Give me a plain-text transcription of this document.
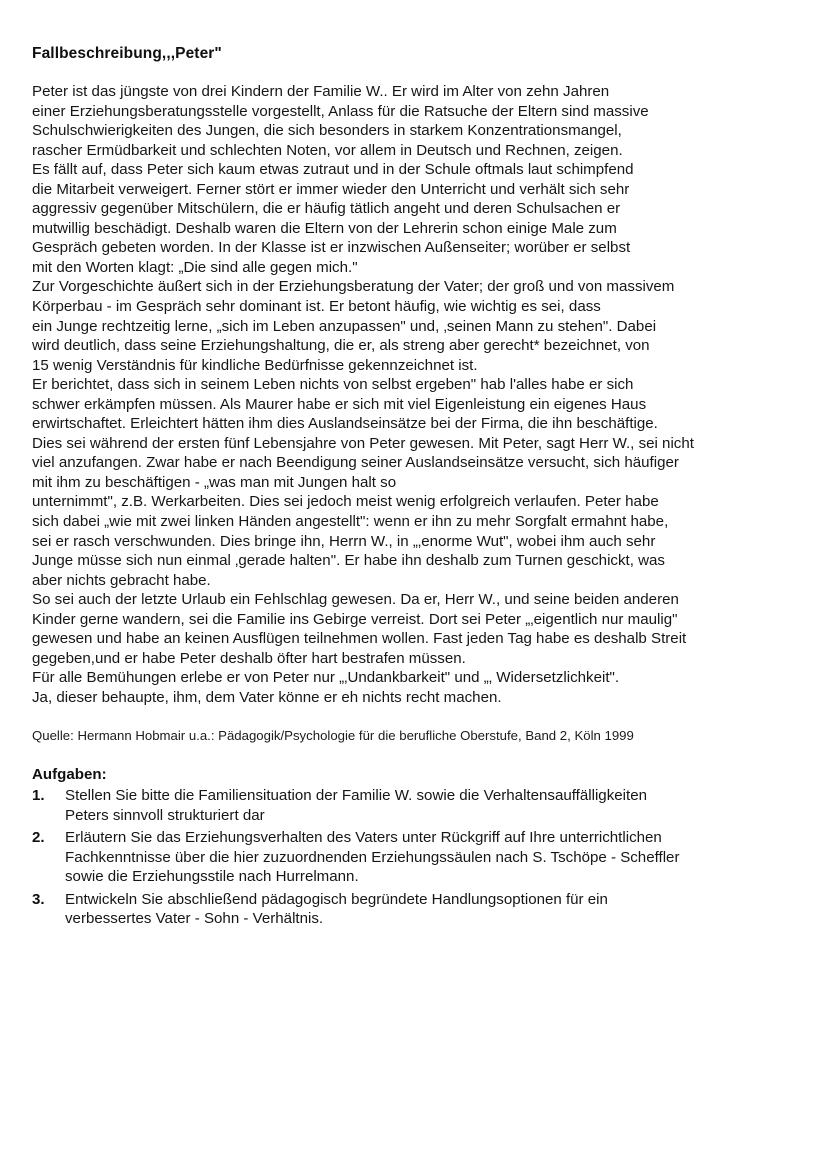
Fallbeschreibung,,,Peter"
Peter ist das jüngste von drei Kindern der Familie W.. Er wird im Alter von zehn Jahren
einer Erziehungsberatungsstelle vorgestellt, Anlass für die Ratsuche der Eltern sind massive
Schulschwierigkeiten des Jungen, die sich besonders in starkem Konzentrationsmangel,
rascher Ermüdbarkeit und schlechten Noten, vor allem in Deutsch und Rechnen, zeigen.
Es fällt auf, dass Peter sich kaum etwas zutraut und in der Schule oftmals laut schimpfend
die Mitarbeit verweigert. Ferner stört er immer wieder den Unterricht und verhält sich sehr
aggressiv gegenüber Mitschülern, die er häufig tätlich angeht und deren Schulsachen er
mutwillig beschädigt. Deshalb waren die Eltern von der Lehrerin schon einige Male zum
Gespräch gebeten worden. In der Klasse ist er inzwischen Außenseiter; worüber er selbst
mit den Worten klagt: „Die sind alle gegen mich."
Zur Vorgeschichte äußert sich in der Erziehungsberatung der Vater; der groß und von massivem
Körperbau - im Gespräch sehr dominant ist. Er betont häufig, wie wichtig es sei, dass
ein Junge rechtzeitig lerne, „sich im Leben anzupassen" und, ‚seinen Mann zu stehen". Dabei
wird deutlich, dass seine Erziehungshaltung, die er, als streng aber gerecht* bezeichnet, von
15 wenig Verständnis für kindliche Bedürfnisse gekennzeichnet ist.
Er berichtet, dass sich in seinem Leben nichts von selbst ergeben" hab l'alles habe er sich
schwer erkämpfen müssen. Als Maurer habe er sich mit viel Eigenleistung ein eigenes Haus
erwirtschaftet. Erleichtert hätten ihm dies Auslandseinsätze bei der Firma, die ihn beschäftige.
Dies sei während der ersten fünf Lebensjahre von Peter gewesen. Mit Peter, sagt Herr W., sei nicht
viel anzufangen. Zwar habe er nach Beendigung seiner Auslandseinsätze versucht, sich häufiger
mit ihm zu beschäftigen - „was man mit Jungen halt so
unternimmt", z.B. Werkarbeiten. Dies sei jedoch meist wenig erfolgreich verlaufen. Peter habe
sich dabei „wie mit zwei linken Händen angestellt": wenn er ihn zu mehr Sorgfalt ermahnt habe,
sei er rasch verschwunden. Dies bringe ihn, Herrn W., in „‚enorme Wut", wobei ihm auch sehr
Junge müsse sich nun einmal ‚gerade halten". Er habe ihn deshalb zum Turnen geschickt, was
aber nichts gebracht habe.
So sei auch der letzte Urlaub ein Fehlschlag gewesen. Da er, Herr W., und seine beiden anderen
Kinder gerne wandern, sei die Familie ins Gebirge verreist. Dort sei Peter „‚eigentlich nur maulig"
gewesen und habe an keinen Ausflügen teilnehmen wollen. Fast jeden Tag habe es deshalb Streit
gegeben,und er habe Peter deshalb öfter hart bestrafen müssen.
Für alle Bemühungen erlebe er von Peter nur „‚Undankbarkeit" und „‚ Widersetzlichkeit".
Ja, dieser behaupte, ihm, dem Vater könne er eh nichts recht machen.
Quelle: Hermann Hobmair u.a.: Pädagogik/Psychologie für die berufliche Oberstufe, Band 2, Köln 1999
Aufgaben:
1. Stellen Sie bitte die Familiensituation der Familie W. sowie die Verhaltensauffälligkeiten
Peters sinnvoll strukturiert dar
2. Erläutern Sie das Erziehungsverhalten des Vaters unter Rückgriff auf Ihre unterrichtlichen
Fachkenntnisse über die hier zuzuordnenden Erziehungssäulen nach S. Tschöpe - Scheffler
sowie die Erziehungsstile nach Hurrelmann.
3. Entwickeln Sie abschließend pädagogisch begründete Handlungsoptionen für ein
verbessertes Vater - Sohn - Verhältnis.
